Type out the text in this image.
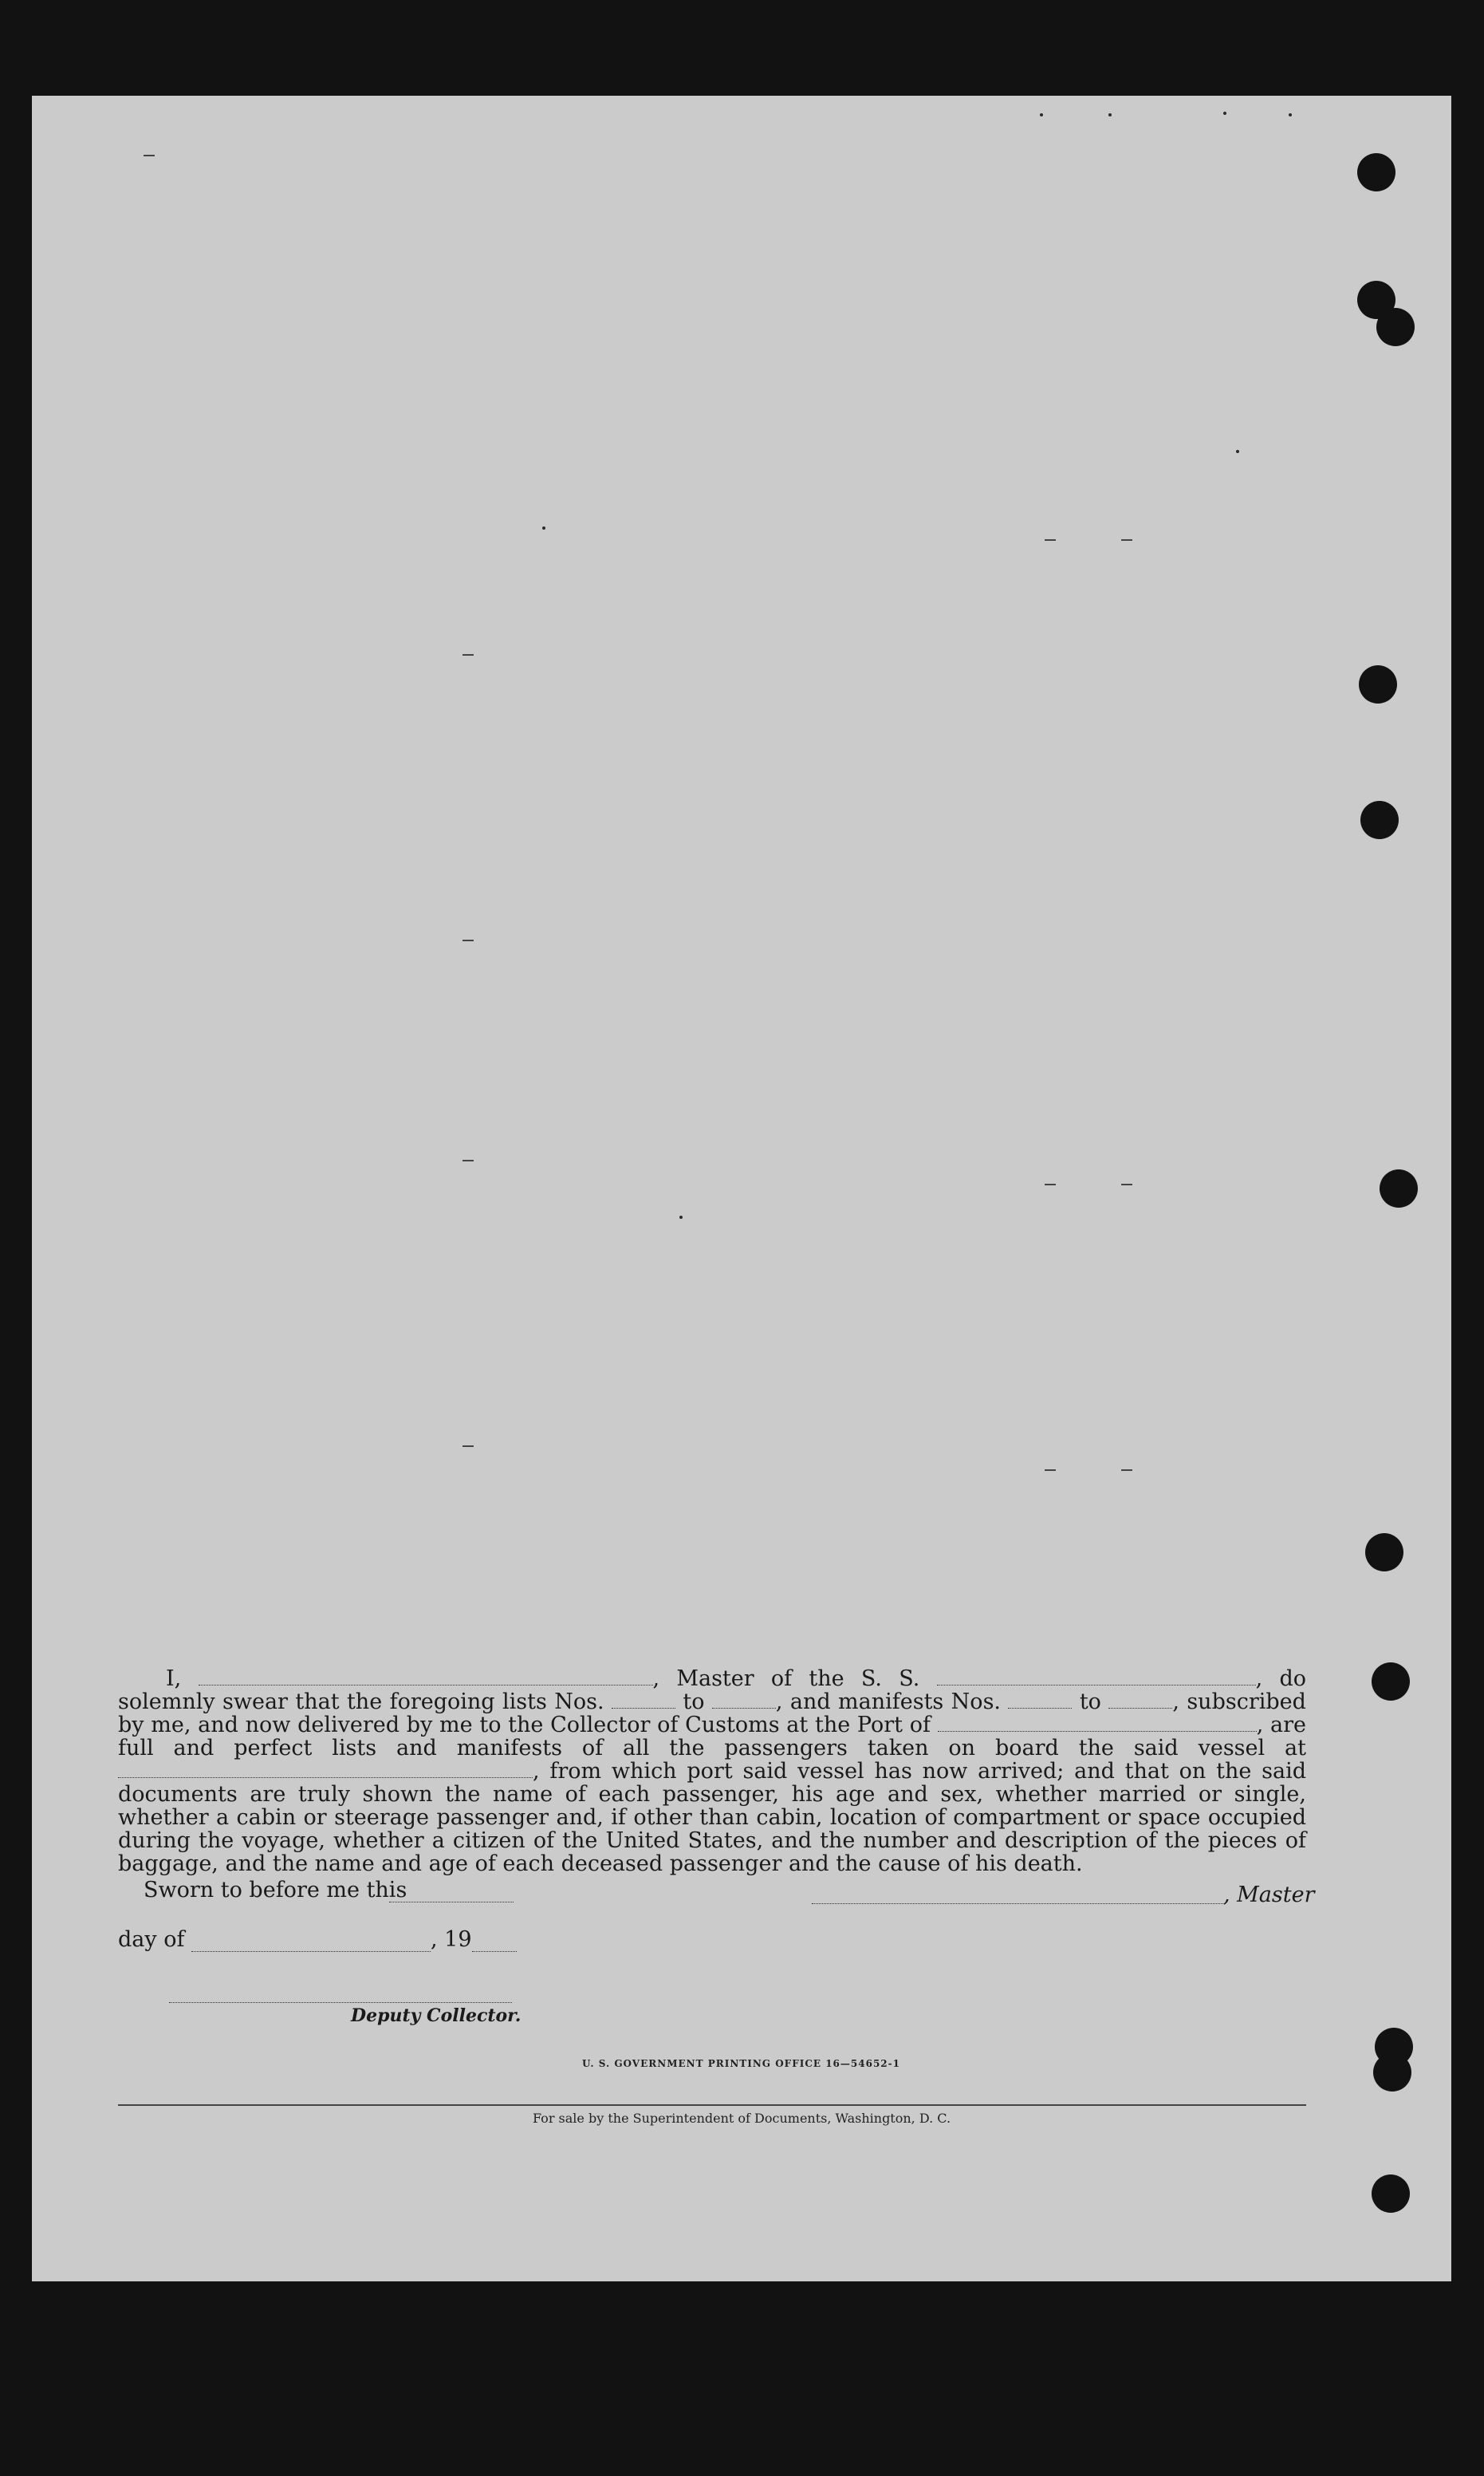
I,	, Master of the S. S.	, do solemnly swear that the foregoing lists Nos.	to	, and manifests Nos.	to	, subscribed by me, and now delivered by me to the Collector of Customs at the Port of	, are full and perfect lists and manifests of all the passengers taken on board the said vessel at , from which port said vessel has now arrived; and that on the said documents are truly shown the name of each passenger, his age and sex, whether married or single, whether a cabin or steerage passenger and, if other than cabin, location of compartment or space occupied during the voyage, whether a citizen of the United States, and the number and description of the pieces of baggage, and the name and age of each deceased passenger and the cause of his death.
Sworn to before me this	, Master
day of	, 19
Deputy Collector.
U. S. GOVERNMENT PRINTING OFFICE 16—54652-1
For sale by the Superintendent of Documents, Washington, D. C.
